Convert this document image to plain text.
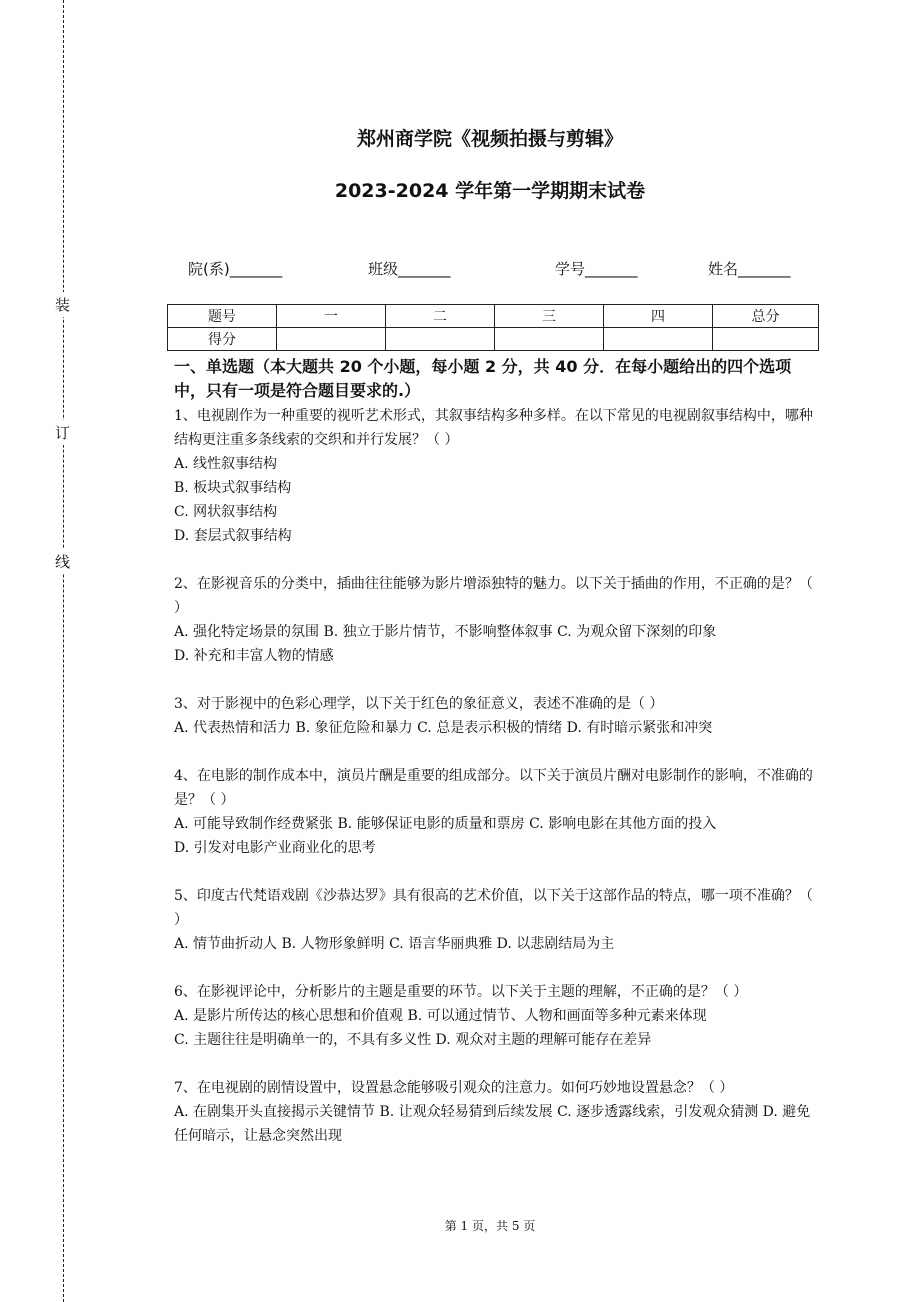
装
订
线
郑州商学院《视频拍摄与剪辑》
2023-2024 学年第一学期期末试卷
院(系)_______	班级_______	学号_______	姓名_______
题号	一	二	三	四	总分
得分					
一、单选题（本大题共 20 个小题，每小题 2 分，共 40 分．在每小题给出的四个选项中，只有一项是符合题目要求的.）

1、电视剧作为一种重要的视听艺术形式，其叙事结构多种多样。在以下常见的电视剧叙事结构中，哪种结构更注重多条线索的交织和并行发展？（ ）

A. 线性叙事结构

B. 板块式叙事结构

C. 网状叙事结构

D. 套层式叙事结构

2、在影视音乐的分类中，插曲往往能够为影片增添独特的魅力。以下关于插曲的作用，不正确的是？（ ）

A. 强化特定场景的氛围 B. 独立于影片情节，不影响整体叙事 C. 为观众留下深刻的印象

D. 补充和丰富人物的情感

3、对于影视中的色彩心理学，以下关于红色的象征意义，表述不准确的是（ ）

A. 代表热情和活力 B. 象征危险和暴力 C. 总是表示积极的情绪 D. 有时暗示紧张和冲突

4、在电影的制作成本中，演员片酬是重要的组成部分。以下关于演员片酬对电影制作的影响，不准确的是？（ ）

A. 可能导致制作经费紧张 B. 能够保证电影的质量和票房 C. 影响电影在其他方面的投入

D. 引发对电影产业商业化的思考

5、印度古代梵语戏剧《沙恭达罗》具有很高的艺术价值，以下关于这部作品的特点，哪一项不准确？（ ）

A. 情节曲折动人 B. 人物形象鲜明 C. 语言华丽典雅 D. 以悲剧结局为主

6、在影视评论中，分析影片的主题是重要的环节。以下关于主题的理解，不正确的是？（ ）

A. 是影片所传达的核心思想和价值观 B. 可以通过情节、人物和画面等多种元素来体现

C. 主题往往是明确单一的，不具有多义性 D. 观众对主题的理解可能存在差异

7、在电视剧的剧情设置中，设置悬念能够吸引观众的注意力。如何巧妙地设置悬念？（ ）

A. 在剧集开头直接揭示关键情节 B. 让观众轻易猜到后续发展 C. 逐步透露线索，引发观众猜测 D. 避免任何暗示，让悬念突然出现

第 1 页，共 5 页
